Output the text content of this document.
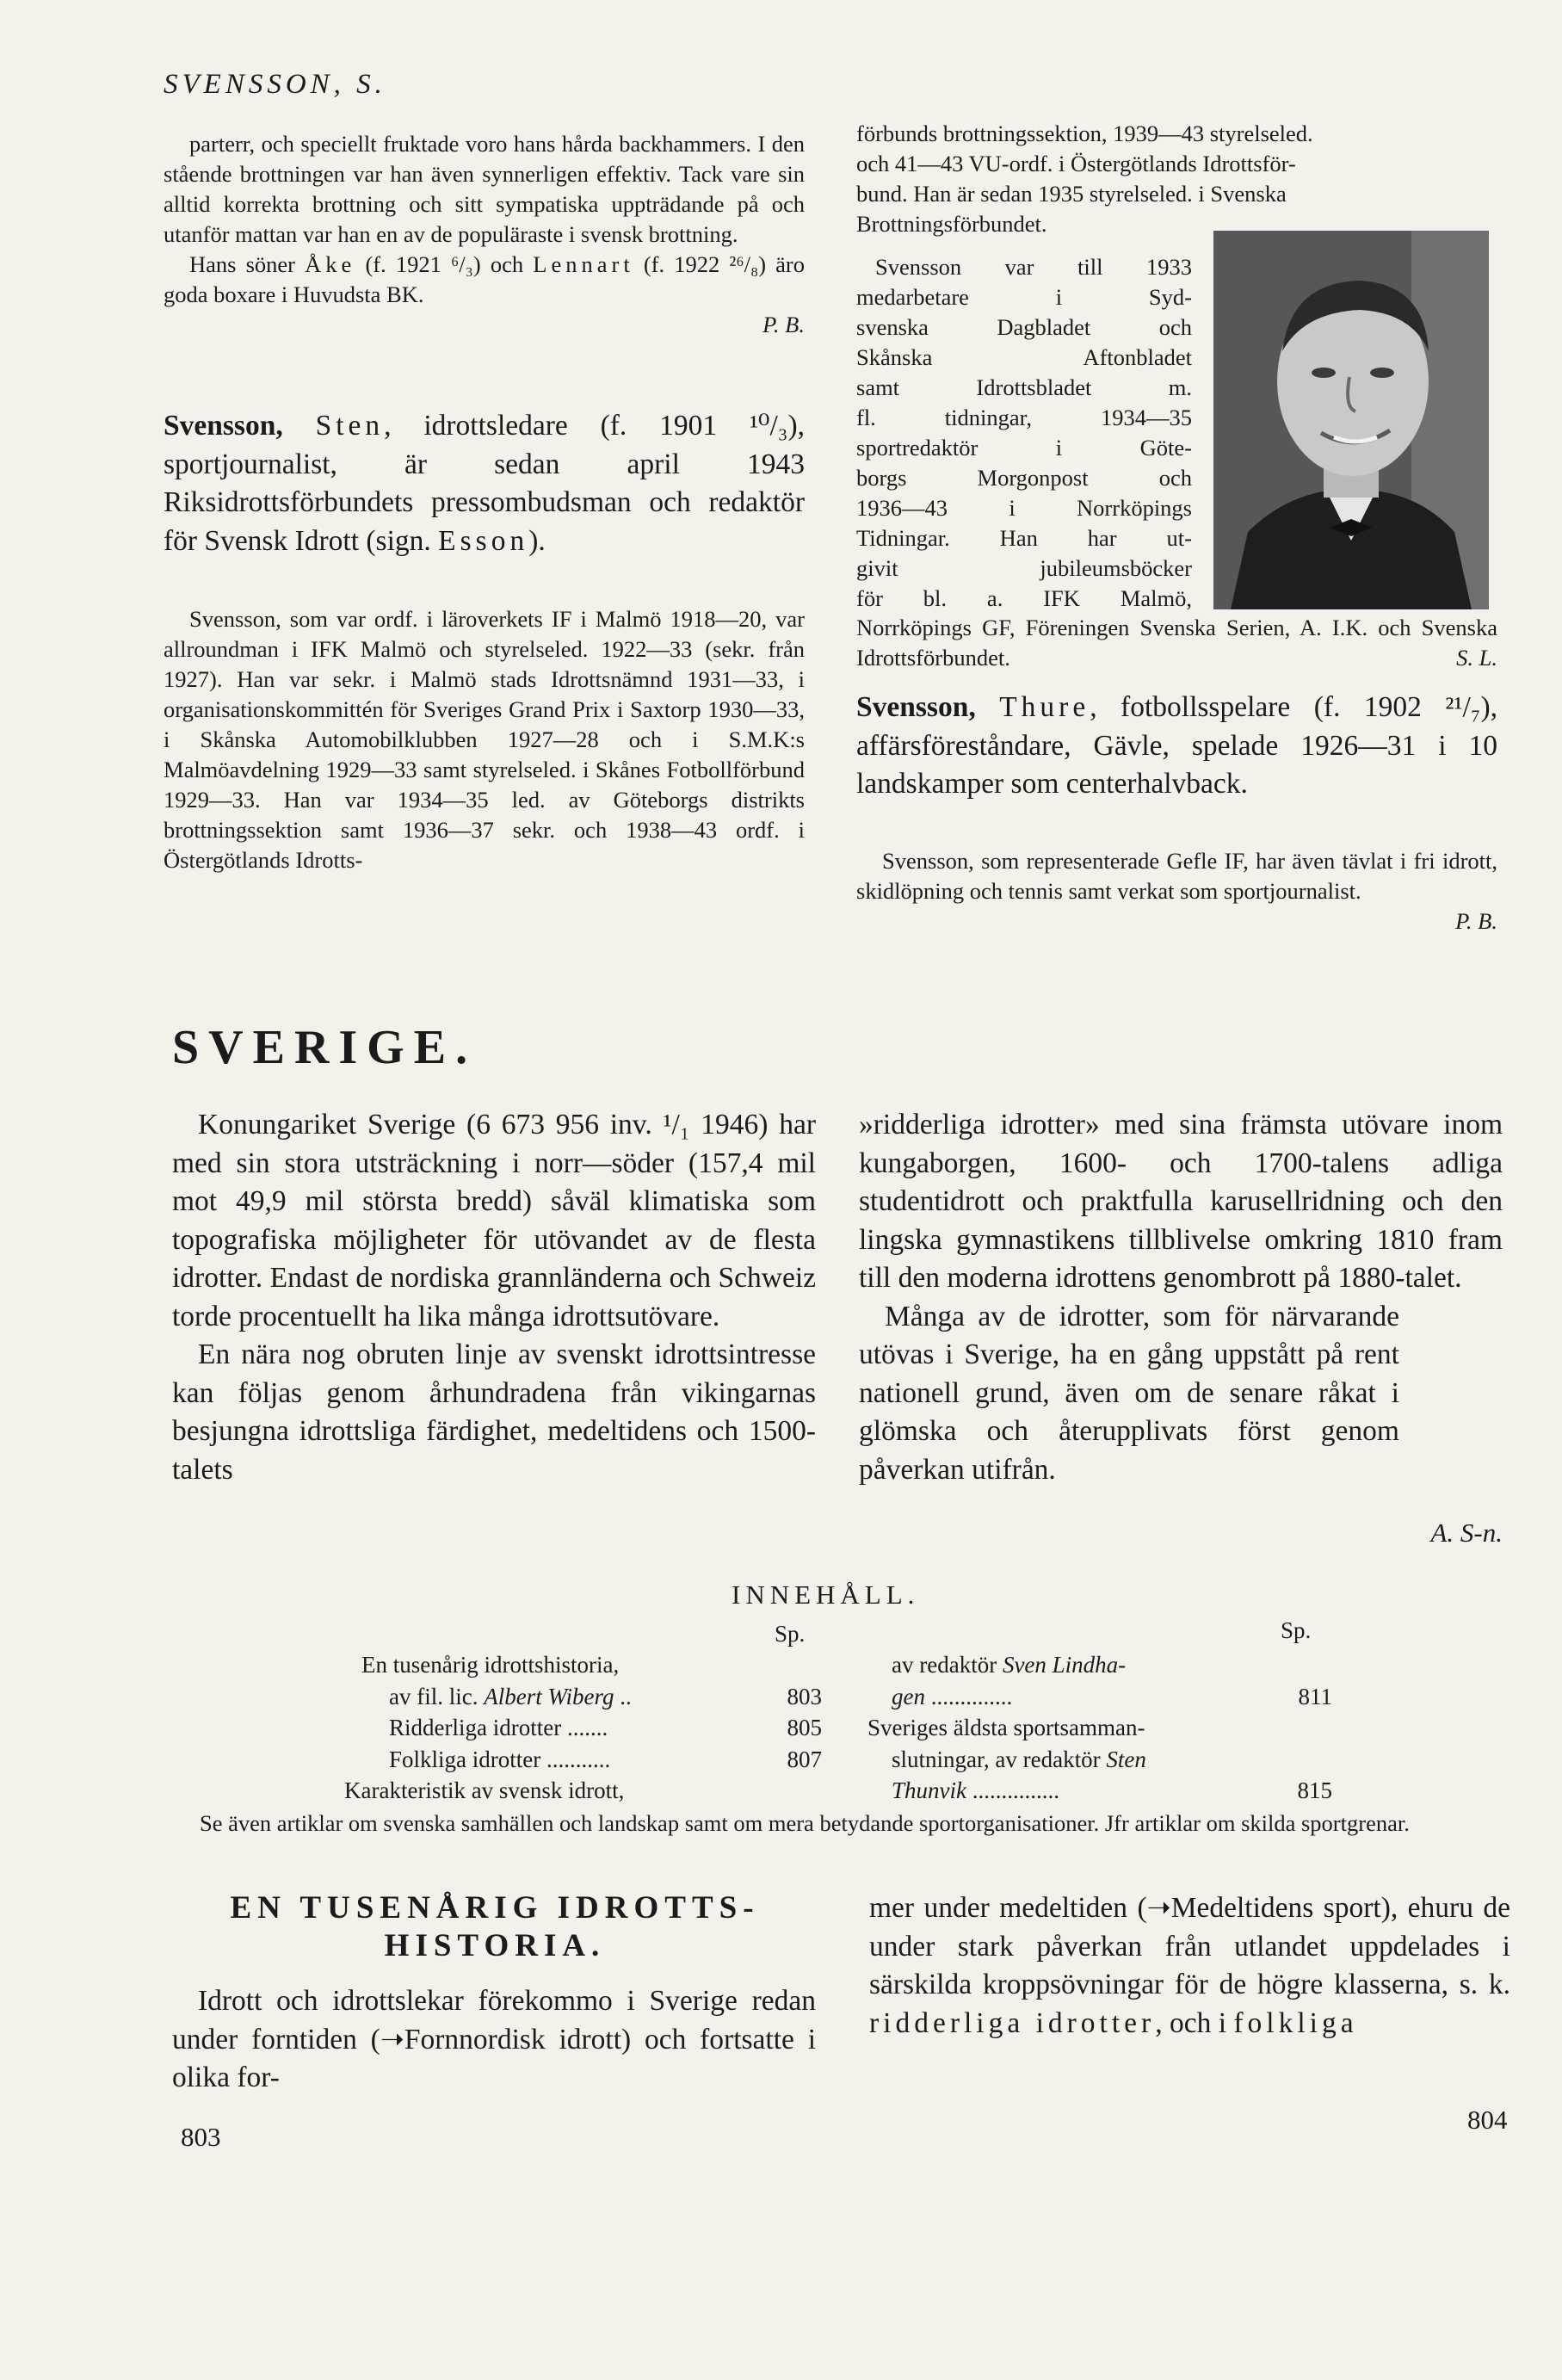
SVENSSON, S.

parterr, och speciellt fruktade voro hans hårda backhammers. I den stående brottningen var han även synnerligen effektiv. Tack vare sin alltid korrekta brottning och sitt sympatiska uppträdande på och utanför mattan var han en av de populäraste i svensk brottning.

Hans söner Åke (f. 1921 ⁶/₃) och Lennart (f. 1922 ²⁶/₈) äro goda boxare i Huvudsta BK.

P. B.

Svensson, Sten, idrottsledare (f. 1901 ¹⁰/₃), sportjournalist, är sedan april 1943 Riksidrottsförbundets pressombudsman och redaktör för Svensk Idrott (sign. Esson).

Svensson, som var ordf. i läroverkets IF i Malmö 1918—20, var allroundman i IFK Malmö och styrelseled. 1922—33 (sekr. från 1927). Han var sekr. i Malmö stads Idrottsnämnd 1931—33, i organisationskommittén för Sveriges Grand Prix i Saxtorp 1930—33, i Skånska Automobilklubben 1927—28 och i S.M.K:s Malmöavdelning 1929—33 samt styrelseled. i Skånes Fotbollförbund 1929—33. Han var 1934—35 led. av Göteborgs distrikts brottningssektion samt 1936—37 sekr. och 1938—43 ordf. i Östergötlands Idrotts-

förbunds brottningssektion, 1939—43 styrelseled.
och 41—43 VU-ordf. i Östergötlands Idrottsför-
bund. Han är sedan 1935 styrelseled. i Svenska
Brottningsförbundet.
Svensson var till 1933
medarbetare i Syd-
svenska Dagbladet och
Skånska Aftonbladet
samt Idrottsbladet m.
fl. tidningar, 1934—35
sportredaktör i Göte-
borgs Morgonpost och
1936—43 i Norrköpings
Tidningar. Han har ut-
givit jubileumsböcker
för bl. a. IFK Malmö,

Norrköpings GF, Föreningen Svenska Serien, A. I.K. och Svenska Idrottsförbundet.	S. L.

Svensson, Thure, fotbollsspelare (f. 1902 ²¹/₇), affärsföreståndare, Gävle, spelade 1926—31 i 10 landskamper som centerhalvback.

Svensson, som representerade Gefle IF, har även tävlat i fri idrott, skidlöpning och tennis samt verkat som sportjournalist.

P. B.
SVERIGE.

Konungariket Sverige (6 673 956 inv. ¹/₁ 1946) har med sin stora utsträckning i norr—söder (157,4 mil mot 49,9 mil största bredd) såväl klimatiska som topografiska möjligheter för utövandet av de flesta idrotter. Endast de nordiska grannländerna och Schweiz torde procentuellt ha lika många idrottsutövare.

En nära nog obruten linje av svenskt idrottsintresse kan följas genom århundradena från vikingarnas besjungna idrottsliga färdighet, medeltidens och 1500-talets

»ridderliga idrotter» med sina främsta utövare inom kungaborgen, 1600- och 1700-talens adliga studentidrott och praktfulla karusellridning och den lingska gymnastikens tillblivelse omkring 1810 fram till den moderna idrottens genombrott på 1880-talet.

Många av de idrotter, som för närvarande utövas i Sverige, ha en gång uppstått på rent nationell grund, även om de senare råkat i glömska och återupplivats först genom påverkan utifrån.

A. S-n.
INNEHÅLL.
Sp.	Sp.
En tusenårig idrottshistoria,
av fil. lic. Albert Wiberg ..	803
Ridderliga idrotter .......	805
Folkliga idrotter ...........	807
Karakteristik av svensk idrott,
av redaktör Sven Lindha-
gen ..............	811
Sveriges äldsta sportsamman-
slutningar, av redaktör Sten
Thunvik ...............	815
Se även artiklar om svenska samhällen och landskap samt om mera betydande sportorganisationer. Jfr artiklar om skilda sportgrenar.
EN TUSENÅRIG IDROTTS-
HISTORIA.

Idrott och idrottslekar förekommo i Sverige redan under forntiden (➝Fornnordisk idrott) och fortsatte i olika for-

mer under medeltiden (➝Medeltidens sport), ehuru de under stark påverkan från utlandet uppdelades i särskilda kroppsövningar för de högre klasserna, s. k. ridderliga idrotter, och i folkliga

803
804
